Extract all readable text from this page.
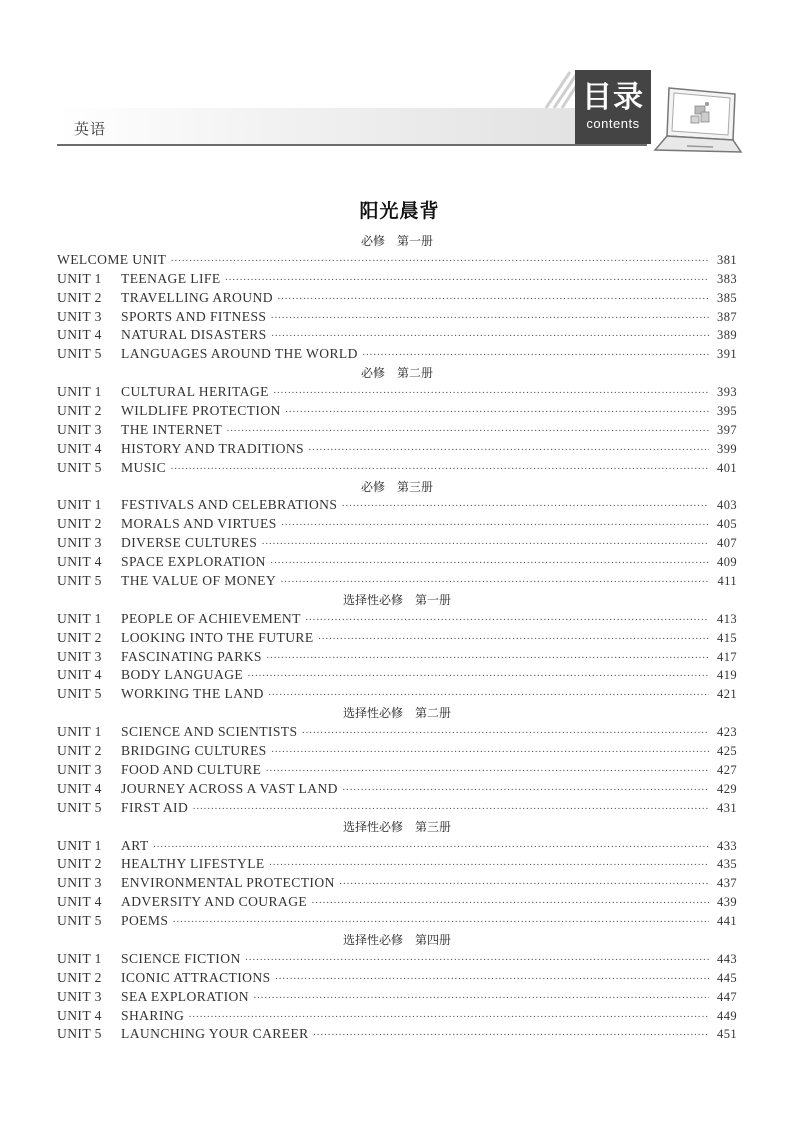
英语
目录
contents
阳光晨背
必修　第一册
WELCOME UNIT ·····	381
UNIT 1	TEENAGE LIFE ·····	383
UNIT 2	TRAVELLING AROUND ·····	385
UNIT 3	SPORTS AND FITNESS ·····	387
UNIT 4	NATURAL DISASTERS ·····	389
UNIT 5	LANGUAGES AROUND THE WORLD ·····	391
必修　第二册
UNIT 1	CULTURAL HERITAGE ·····	393
UNIT 2	WILDLIFE PROTECTION ·····	395
UNIT 3	THE INTERNET ·····	397
UNIT 4	HISTORY AND TRADITIONS ·····	399
UNIT 5	MUSIC ·····	401
必修　第三册
UNIT 1	FESTIVALS AND CELEBRATIONS ·····	403
UNIT 2	MORALS AND VIRTUES ·····	405
UNIT 3	DIVERSE CULTURES ·····	407
UNIT 4	SPACE EXPLORATION ·····	409
UNIT 5	THE VALUE OF MONEY ·····	411
选择性必修　第一册
UNIT 1	PEOPLE OF ACHIEVEMENT ·····	413
UNIT 2	LOOKING INTO THE FUTURE ·····	415
UNIT 3	FASCINATING PARKS ·····	417
UNIT 4	BODY LANGUAGE ·····	419
UNIT 5	WORKING THE LAND ·····	421
选择性必修　第二册
UNIT 1	SCIENCE AND SCIENTISTS ·····	423
UNIT 2	BRIDGING CULTURES ·····	425
UNIT 3	FOOD AND CULTURE ·····	427
UNIT 4	JOURNEY ACROSS A VAST LAND ·····	429
UNIT 5	FIRST AID ·····	431
选择性必修　第三册
UNIT 1	ART ·····	433
UNIT 2	HEALTHY LIFESTYLE ·····	435
UNIT 3	ENVIRONMENTAL PROTECTION ·····	437
UNIT 4	ADVERSITY AND COURAGE ·····	439
UNIT 5	POEMS ·····	441
选择性必修　第四册
UNIT 1	SCIENCE FICTION ·····	443
UNIT 2	ICONIC ATTRACTIONS ·····	445
UNIT 3	SEA EXPLORATION ·····	447
UNIT 4	SHARING ·····	449
UNIT 5	LAUNCHING YOUR CAREER ·····	451
